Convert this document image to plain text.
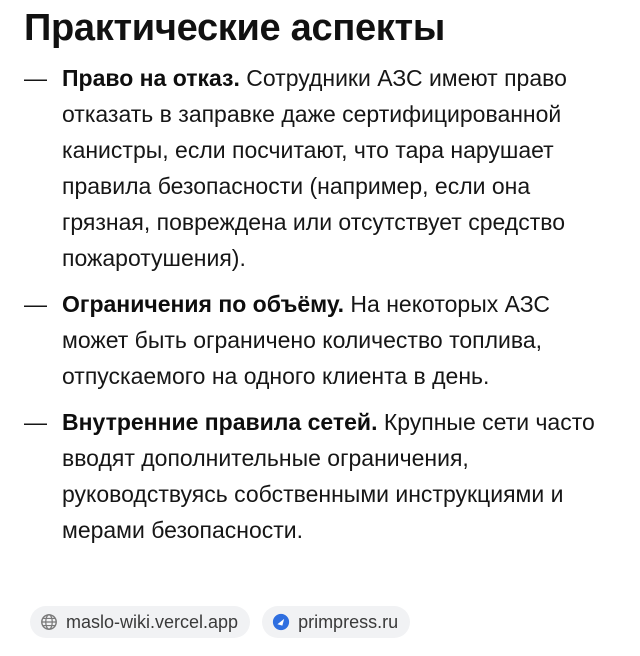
Практические аспекты
— Право на отказ. Сотрудники АЗС имеют право отказать в заправке даже сертифицированной канистры, если посчитают, что тара нарушает правила безопасности (например, если она грязная, повреждена или отсутствует средство пожаротушения).
— Ограничения по объёму. На некоторых АЗС может быть ограничено количество топлива, отпускаемого на одного клиента в день.
— Внутренние правила сетей. Крупные сети часто вводят дополнительные ограничения, руководствуясь собственными инструкциями и мерами безопасности.
maslo-wiki.vercel.app	primpress.ru
